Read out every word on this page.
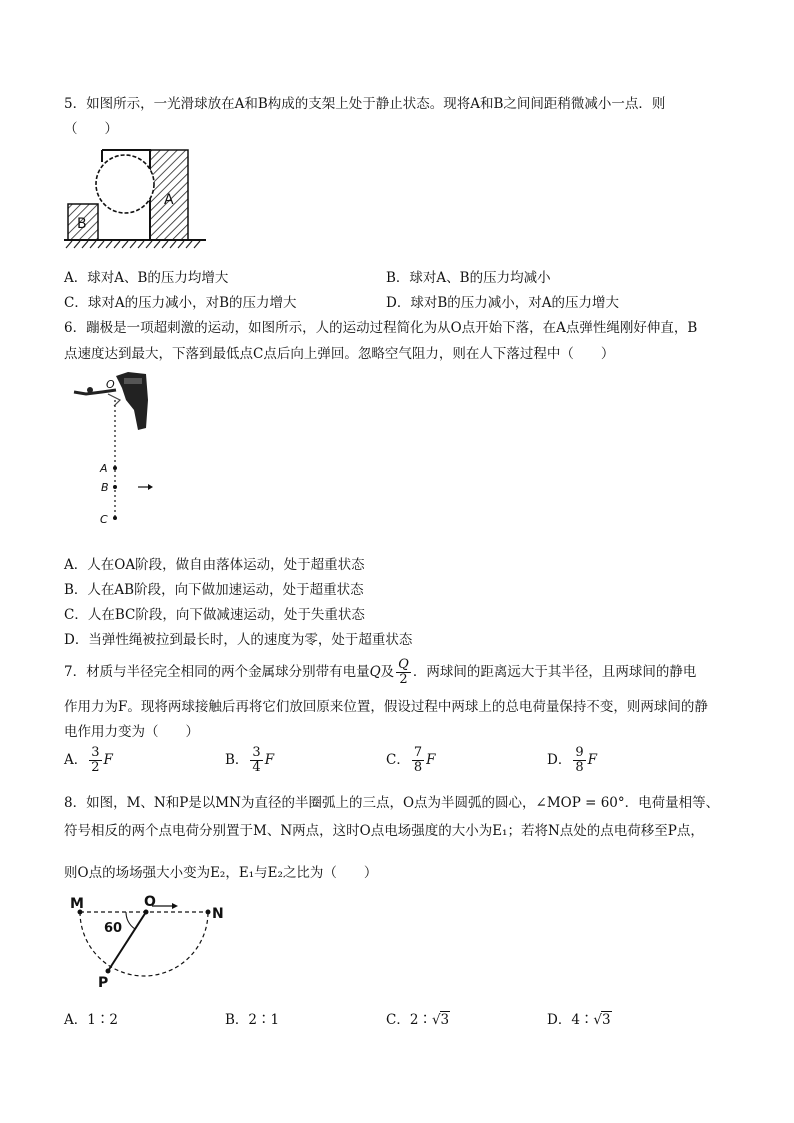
5．如图所示，一光滑球放在A和B构成的支架上处于静止状态。现将A和B之间间距稍微减小一点．则
（　　）
A
B
A．球对A、B的压力均增大	B．球对A、B的压力均减小
C．球对A的压力减小，对B的压力增大	D．球对B的压力减小，对A的压力增大
6．蹦极是一项超刺激的运动，如图所示，人的运动过程简化为从O点开始下落，在A点弹性绳刚好伸直，B
点速度达到最大，下落到最低点C点后向上弹回。忽略空气阻力，则在人下落过程中（　　）
O
A
B
C
A．人在OA阶段，做自由落体运动，处于超重状态
B．人在AB阶段，向下做加速运动，处于超重状态
C．人在BC阶段，向下做减速运动，处于失重状态
D．当弹性绳被拉到最长时，人的速度为零，处于超重状态
7．材质与半径完全相同的两个金属球分别带有电量Q及 $\frac{Q}{2}$ ．两球间的距离远大于其半径，且两球间的静电
作用力为F。现将两球接触后再将它们放回原来位置，假设过程中两球上的总电荷量保持不变，则两球间的静
电作用力变为（　　）
A． $\frac{3}{2}$ F	B． $\frac{3}{4}$ F	C． $\frac{7}{8}$ F	D． $\frac{9}{8}$ F
8．如图，M、N和P是以MN为直径的半圈弧上的三点，O点为半圆弧的圆心，∠MOP = 60°．电荷量相等、
符号相反的两个点电荷分别置于M、N两点，这时O点电场强度的大小为E₁；若将N点处的点电荷移至P点，
则O点的场场强大小变为E₂，E₁与E₂之比为（　　）
M	O
N
P
60
A．1∶2	B．2∶1	C．2∶√3	D．4∶√3
